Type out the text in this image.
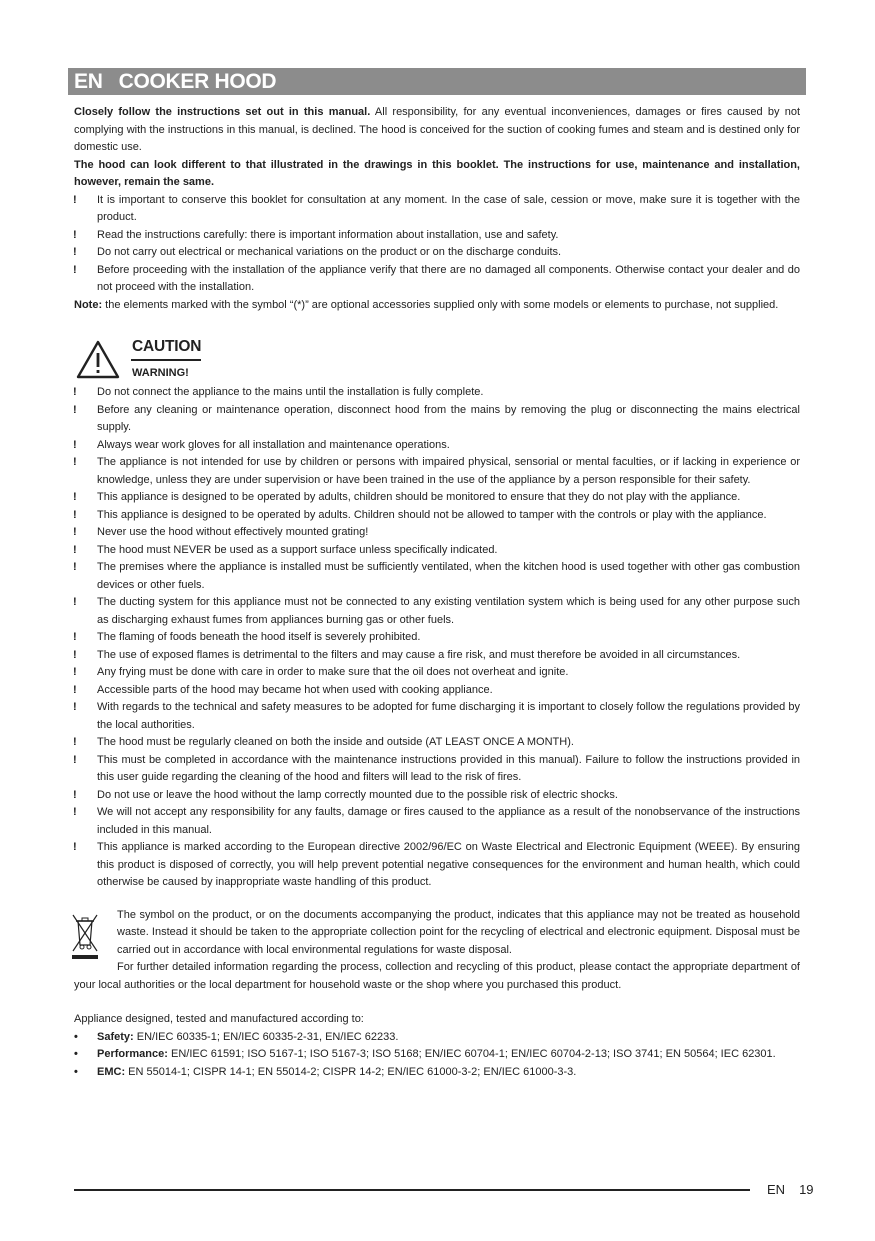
EN COOKER HOOD

Closely follow the instructions set out in this manual. All responsibility, for any eventual inconveniences, damages or fires caused by not complying with the instructions in this manual, is declined. The hood is conceived for the suction of cooking fumes and steam and is destined only for domestic use.

The hood can look different to that illustrated in the drawings in this booklet. The instructions for use, maintenance and installation, however, remain the same.

! It is important to conserve this booklet for consultation at any moment. In the case of sale, cession or move, make sure it is together with the product.
! Read the instructions carefully: there is important information about installation, use and safety.
! Do not carry out electrical or mechanical variations on the product or on the discharge conduits.
! Before proceeding with the installation of the appliance verify that there are no damaged all components. Otherwise contact your dealer and do not proceed with the installation.

Note: the elements marked with the symbol “(*)” are optional accessories supplied only with some models or elements to purchase, not supplied.

CAUTION
WARNING!
! Do not connect the appliance to the mains until the installation is fully complete.
! Before any cleaning or maintenance operation, disconnect hood from the mains by removing the plug or disconnecting the mains electrical supply.
! Always wear work gloves for all installation and maintenance operations.
! The appliance is not intended for use by children or persons with impaired physical, sensorial or mental faculties, or if lacking in experience or knowledge, unless they are under supervision or have been trained in the use of the appliance by a person responsible for their safety.
! This appliance is designed to be operated by adults, children should be monitored to ensure that they do not play with the appliance.
! This appliance is designed to be operated by adults. Children should not be allowed to tamper with the controls or play with the appliance.
! Never use the hood without effectively mounted grating!
! The hood must NEVER be used as a support surface unless specifically indicated.
! The premises where the appliance is installed must be sufficiently ventilated, when the kitchen hood is used together with other gas combustion devices or other fuels.
! The ducting system for this appliance must not be connected to any existing ventilation system which is being used for any other purpose such as discharging exhaust fumes from appliances burning gas or other fuels.
! The flaming of foods beneath the hood itself is severely prohibited.
! The use of exposed flames is detrimental to the filters and may cause a fire risk, and must therefore be avoided in all circumstances.
! Any frying must be done with care in order to make sure that the oil does not overheat and ignite.
! Accessible parts of the hood may became hot when used with cooking appliance.
! With regards to the technical and safety measures to be adopted for fume discharging it is important to closely follow the regulations provided by the local authorities.
! The hood must be regularly cleaned on both the inside and outside (AT LEAST ONCE A MONTH).
! This must be completed in accordance with the maintenance instructions provided in this manual). Failure to follow the instructions provided in this user guide regarding the cleaning of the hood and filters will lead to the risk of fires.
! Do not use or leave the hood without the lamp correctly mounted due to the possible risk of electric shocks.
! We will not accept any responsibility for any faults, damage or fires caused to the appliance as a result of the nonobservance of the instructions included in this manual.
! This appliance is marked according to the European directive 2002/96/EC on Waste Electrical and Electronic Equipment (WEEE). By ensuring this product is disposed of correctly, you will help prevent potential negative consequences for the environment and human health, which could otherwise be caused by inappropriate waste handling of this product.

The symbol on the product, or on the documents accompanying the product, indicates that this appliance may not be treated as household waste. Instead it should be taken to the appropriate collection point for the recycling of electrical and electronic equipment. Disposal must be carried out in accordance with local environmental regulations for waste disposal.

For further detailed information regarding the process, collection and recycling of this product, please contact the appropriate department of your local authorities or the local department for household waste or the shop where you purchased this product.

Appliance designed, tested and manufactured according to:

• Safety: EN/IEC 60335-1; EN/IEC 60335-2-31, EN/IEC 62233.
• Performance: EN/IEC 61591; ISO 5167-1; ISO 5167-3; ISO 5168; EN/IEC 60704-1; EN/IEC 60704-2-13; ISO 3741; EN 50564; IEC 62301.
• EMC: EN 55014-1; CISPR 14-1; EN 55014-2; CISPR 14-2; EN/IEC 61000-3-2; EN/IEC 61000-3-3.
EN 19
